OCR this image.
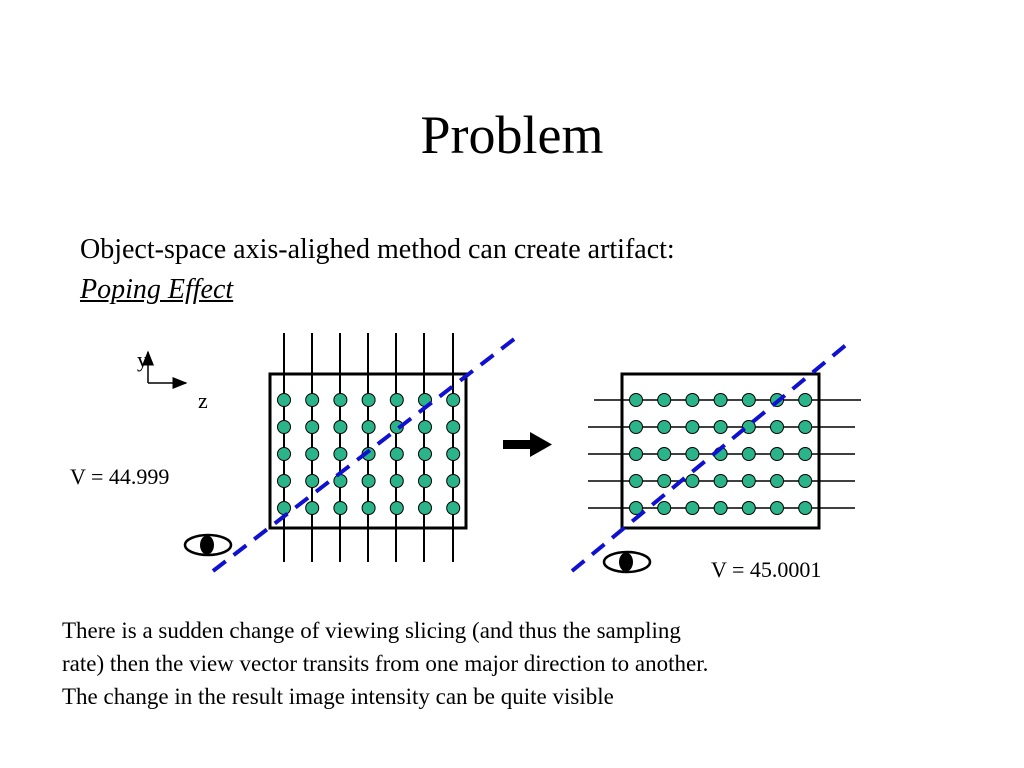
Problem
Object-space axis-alighed method can create artifact:
Poping Effect
y
z
V = 44.999
V = 45.0001
There is a sudden change of viewing slicing (and thus the sampling
rate) then the view vector transits from one major direction to another.
The change in the result image intensity can be quite visible
